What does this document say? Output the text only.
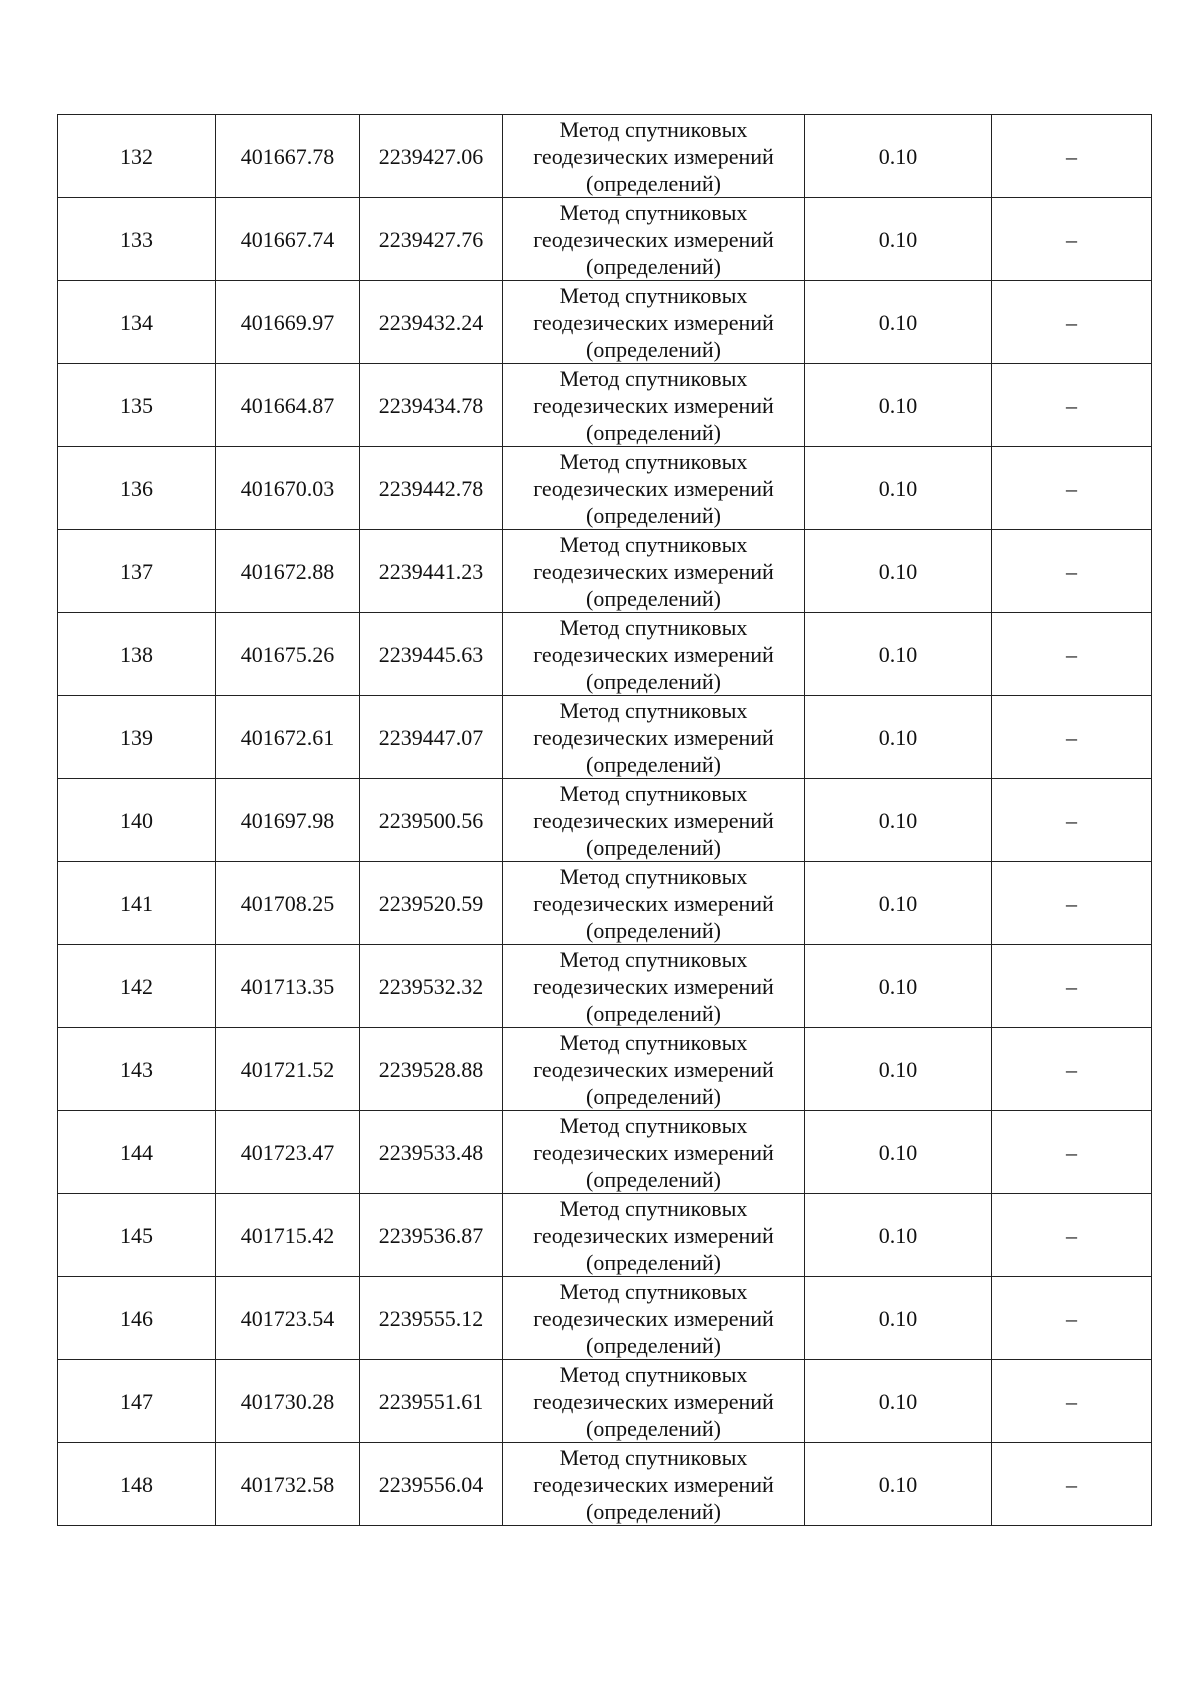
132	401667.78	2239427.06	Метод спутниковых
геодезических измерений
(определений)	0.10	–
133	401667.74	2239427.76	Метод спутниковых
геодезических измерений
(определений)	0.10	–
134	401669.97	2239432.24	Метод спутниковых
геодезических измерений
(определений)	0.10	–
135	401664.87	2239434.78	Метод спутниковых
геодезических измерений
(определений)	0.10	–
136	401670.03	2239442.78	Метод спутниковых
геодезических измерений
(определений)	0.10	–
137	401672.88	2239441.23	Метод спутниковых
геодезических измерений
(определений)	0.10	–
138	401675.26	2239445.63	Метод спутниковых
геодезических измерений
(определений)	0.10	–
139	401672.61	2239447.07	Метод спутниковых
геодезических измерений
(определений)	0.10	–
140	401697.98	2239500.56	Метод спутниковых
геодезических измерений
(определений)	0.10	–
141	401708.25	2239520.59	Метод спутниковых
геодезических измерений
(определений)	0.10	–
142	401713.35	2239532.32	Метод спутниковых
геодезических измерений
(определений)	0.10	–
143	401721.52	2239528.88	Метод спутниковых
геодезических измерений
(определений)	0.10	–
144	401723.47	2239533.48	Метод спутниковых
геодезических измерений
(определений)	0.10	–
145	401715.42	2239536.87	Метод спутниковых
геодезических измерений
(определений)	0.10	–
146	401723.54	2239555.12	Метод спутниковых
геодезических измерений
(определений)	0.10	–
147	401730.28	2239551.61	Метод спутниковых
геодезических измерений
(определений)	0.10	–
148	401732.58	2239556.04	Метод спутниковых
геодезических измерений
(определений)	0.10	–
